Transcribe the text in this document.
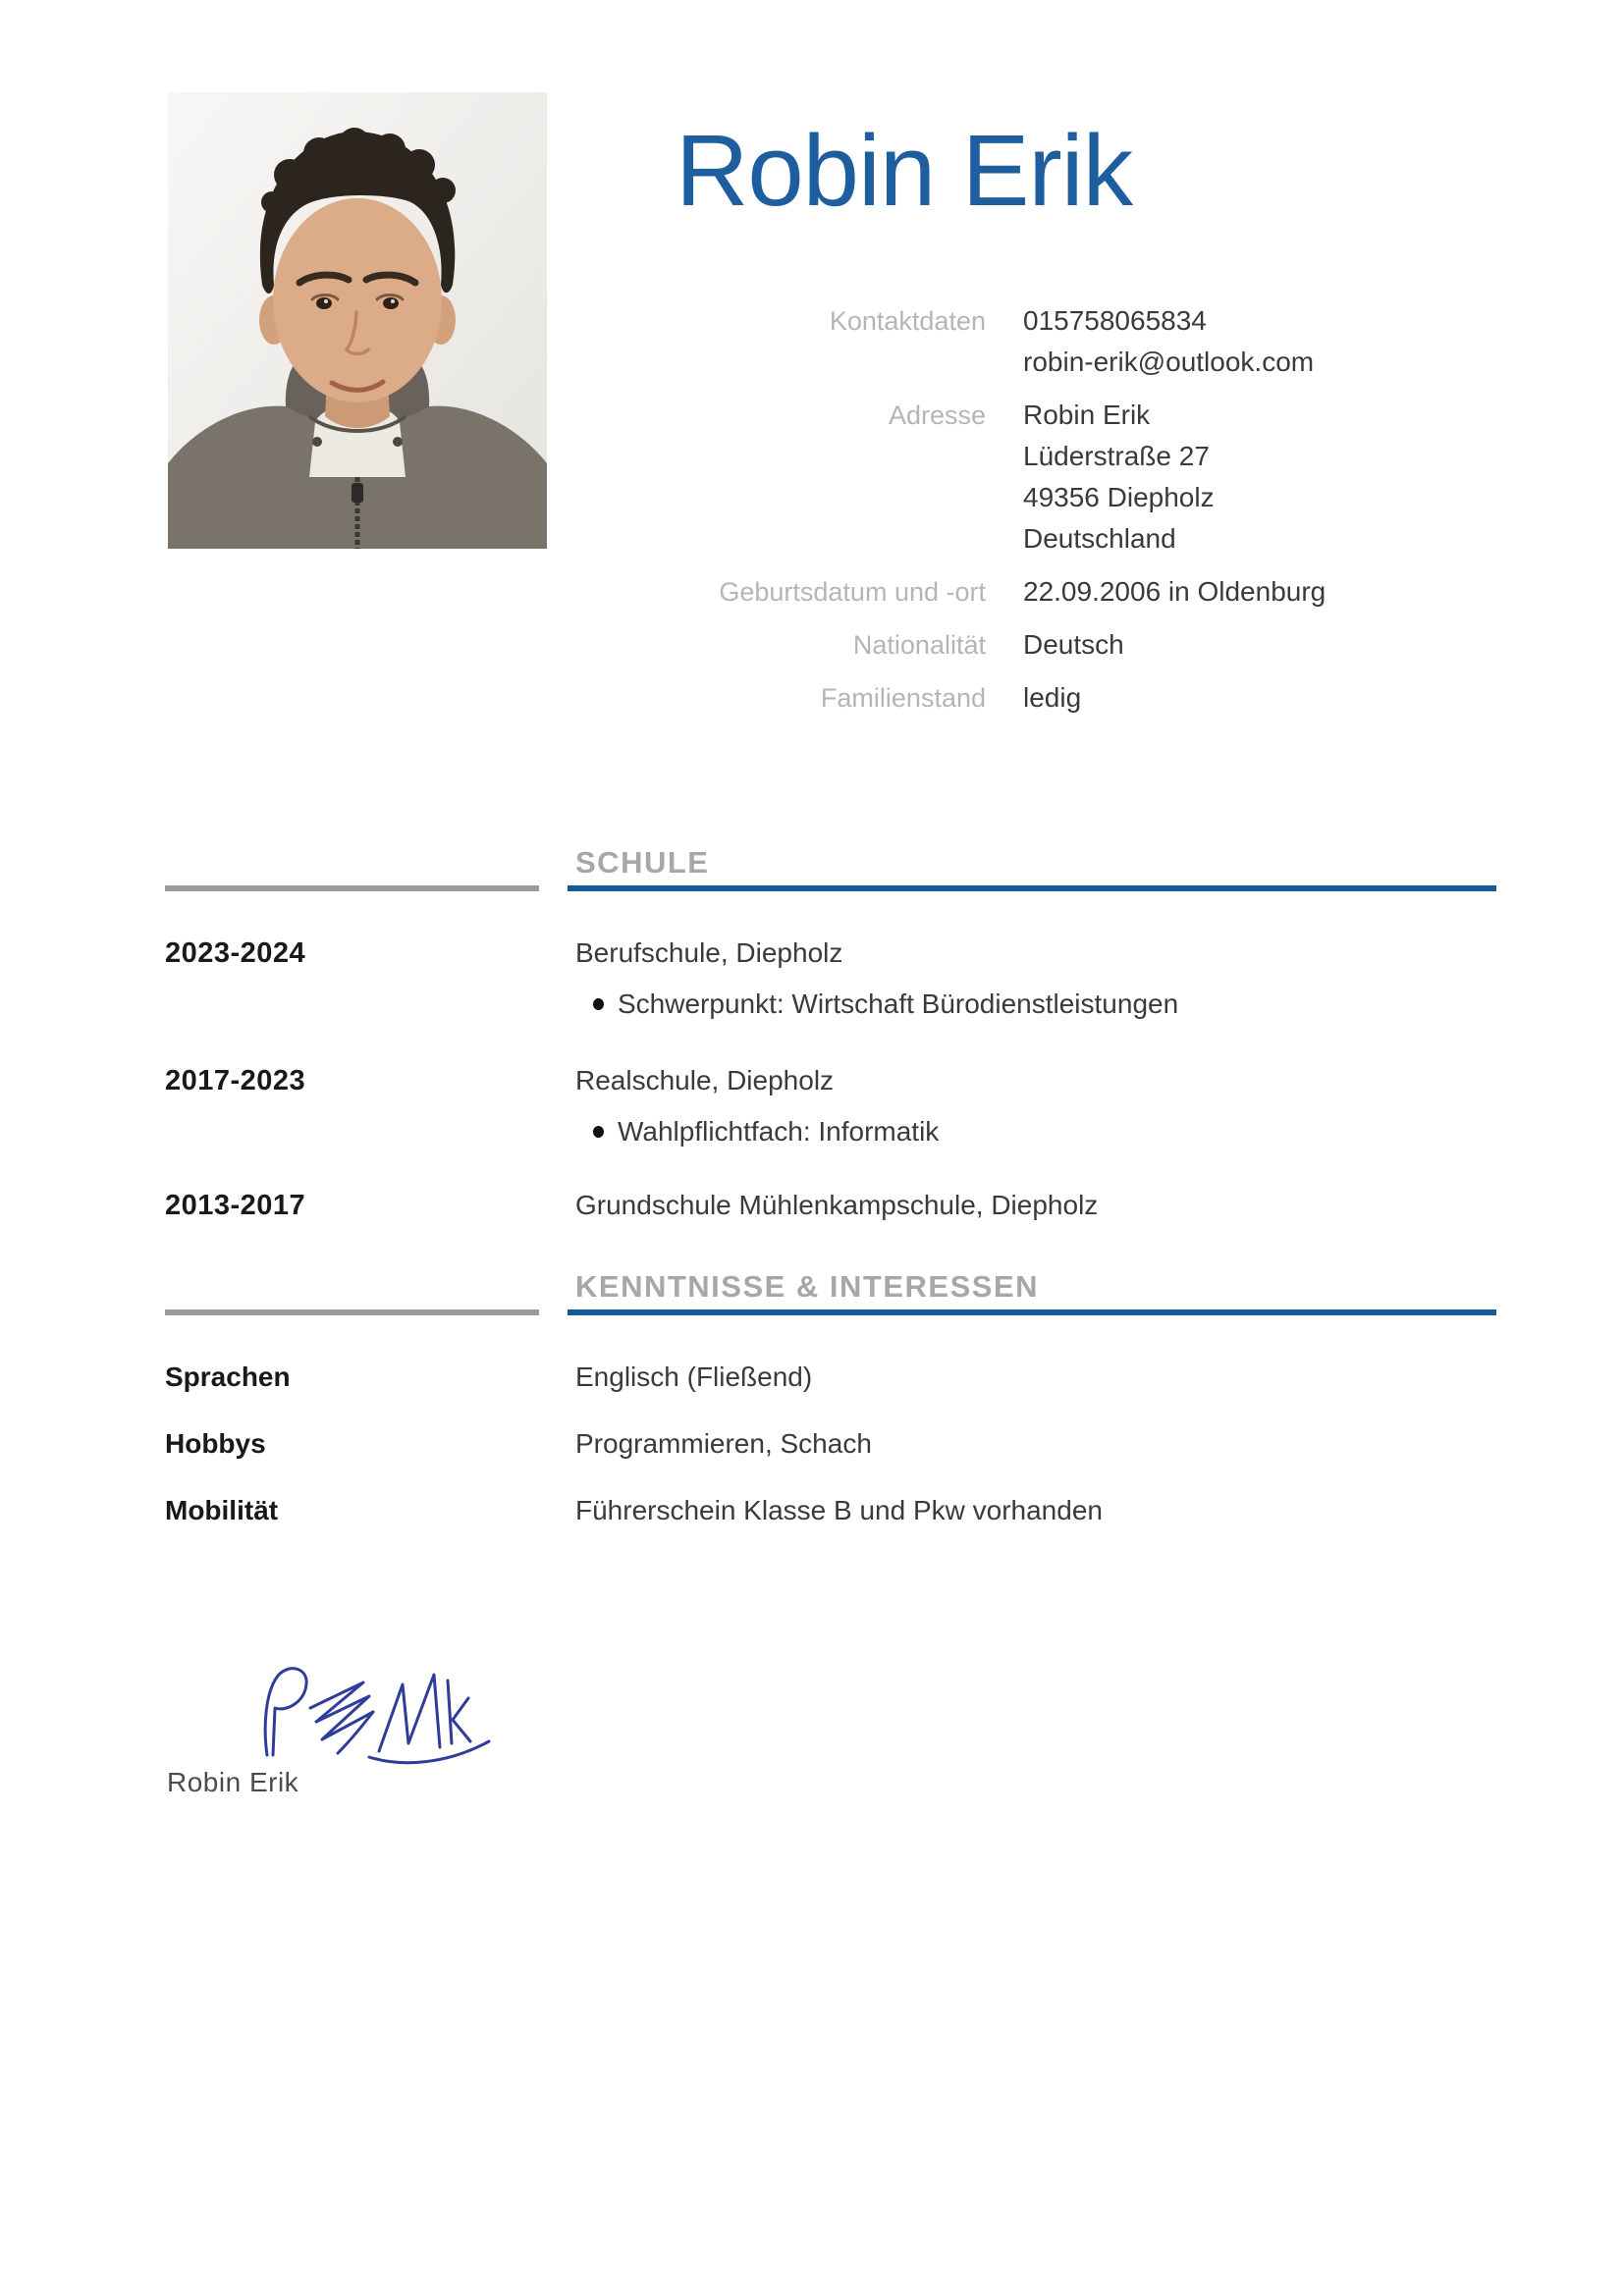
Robin Erik
Kontaktdaten 015758065834
robin-erik@outlook.com
Adresse Robin Erik
Lüderstraße 27
49356 Diepholz
Deutschland
Geburtsdatum und -ort 22.09.2006 in Oldenburg
Nationalität Deutsch
Familienstand ledig
SCHULE
2023-2024	Berufschule, Diepholz
Schwerpunkt: Wirtschaft Bürodienstleistungen
2017-2023	Realschule, Diepholz
Wahlpflichtfach: Informatik
2013-2017	Grundschule Mühlenkampschule, Diepholz
KENNTNISSE & INTERESSEN
Sprachen	Englisch (Fließend)
Hobbys	Programmieren, Schach
Mobilität	Führerschein Klasse B und Pkw vorhanden
Robin Erik
